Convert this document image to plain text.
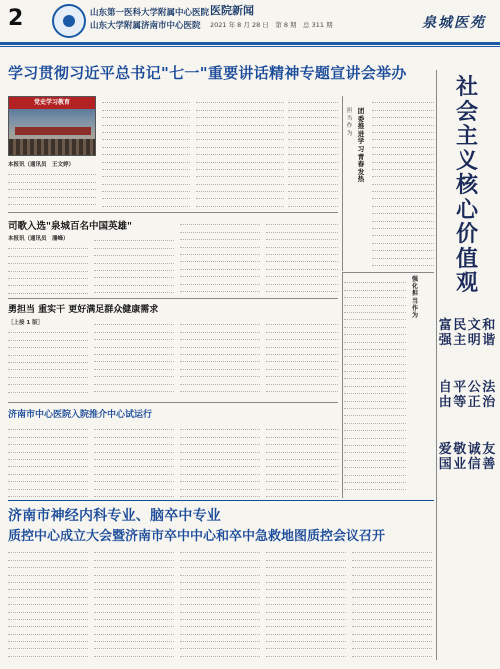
2	山东第一医科大学附属中心医院
山东大学附属济南市中心医院
医院新闻
2021 年 8 月 28 日　第 8 期　总 311 期	泉城医苑
学习贯彻习近平总书记"七一"重要讲话精神专题宣讲会举办
党史学习教育
本报讯（通讯员　王文婷）
担
当
作
为
团
委
推
进
学
习
青
春
发
热
社
会
主
义
核
心
价
值
观
富
强
民
主
文
明
和
谐
自
由
平
等
公
正
法
治
爱
国
敬
业
诚
信
友
善
司歌入选"泉城百名中国英雄"
本报讯（通讯员　潘峰）
勇担当 重实干 更好满足群众健康需求
［上接 1 版］
强
化
担
当
作
为
济南市中心医院入院推介中心试运行
济南市神经内科专业、脑卒中专业
质控中心成立大会暨济南市卒中中心和卒中急救地图质控会议召开
